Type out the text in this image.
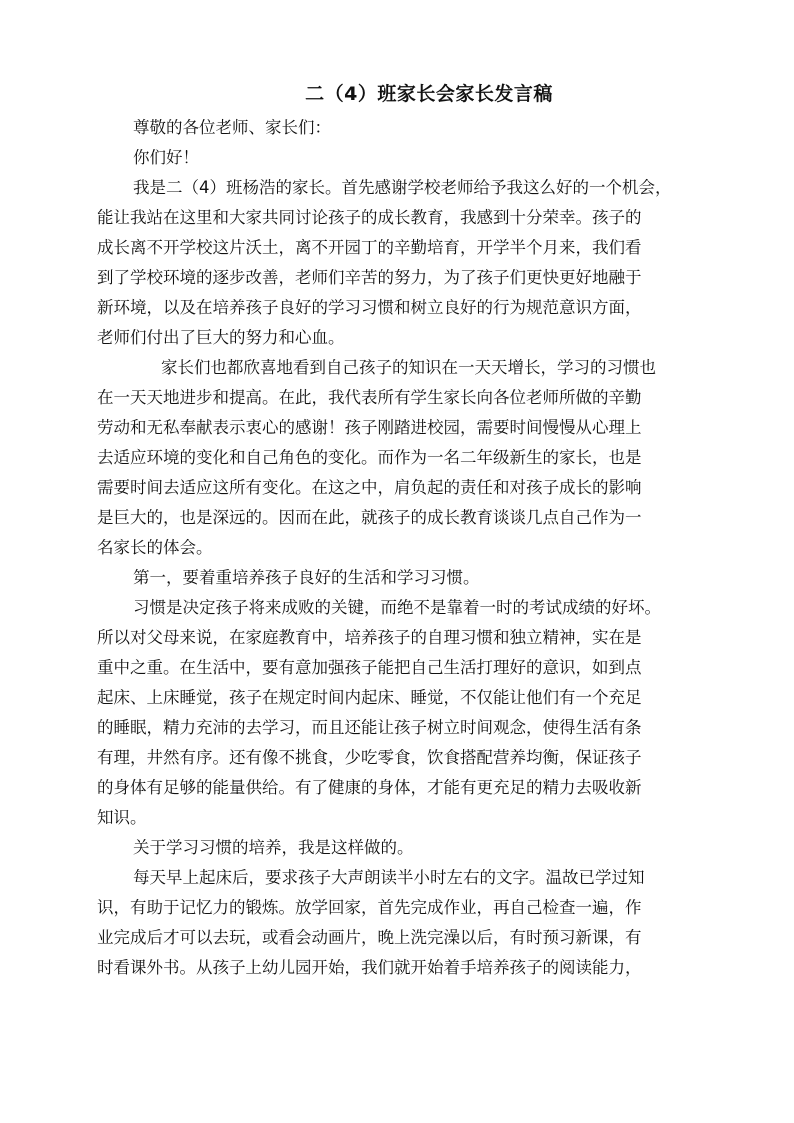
二（4）班家长会家长发言稿
尊敬的各位老师、家长们：
你们好！
我是二（4）班杨浩的家长。首先感谢学校老师给予我这么好的一个机会，
能让我站在这里和大家共同讨论孩子的成长教育，我感到十分荣幸。孩子的
成长离不开学校这片沃土，离不开园丁的辛勤培育，开学半个月来，我们看
到了学校环境的逐步改善，老师们辛苦的努力，为了孩子们更快更好地融于
新环境，以及在培养孩子良好的学习习惯和树立良好的行为规范意识方面，
老师们付出了巨大的努力和心血。
家长们也都欣喜地看到自己孩子的知识在一天天增长，学习的习惯也
在一天天地进步和提高。在此，我代表所有学生家长向各位老师所做的辛勤
劳动和无私奉献表示衷心的感谢！孩子刚踏进校园，需要时间慢慢从心理上
去适应环境的变化和自己角色的变化。而作为一名二年级新生的家长，也是
需要时间去适应这所有变化。在这之中，肩负起的责任和对孩子成长的影响
是巨大的，也是深远的。因而在此，就孩子的成长教育谈谈几点自己作为一
名家长的体会。
第一，要着重培养孩子良好的生活和学习习惯。
习惯是决定孩子将来成败的关键，而绝不是靠着一时的考试成绩的好坏。
所以对父母来说，在家庭教育中，培养孩子的自理习惯和独立精神，实在是
重中之重。在生活中，要有意加强孩子能把自己生活打理好的意识，如到点
起床、上床睡觉，孩子在规定时间内起床、睡觉，不仅能让他们有一个充足
的睡眠，精力充沛的去学习，而且还能让孩子树立时间观念，使得生活有条
有理，井然有序。还有像不挑食，少吃零食，饮食搭配营养均衡，保证孩子
的身体有足够的能量供给。有了健康的身体，才能有更充足的精力去吸收新
知识。
关于学习习惯的培养，我是这样做的。
每天早上起床后，要求孩子大声朗读半小时左右的文字。温故已学过知
识，有助于记忆力的锻炼。放学回家，首先完成作业，再自己检查一遍，作
业完成后才可以去玩，或看会动画片，晚上洗完澡以后，有时预习新课，有
时看课外书。从孩子上幼儿园开始，我们就开始着手培养孩子的阅读能力，
